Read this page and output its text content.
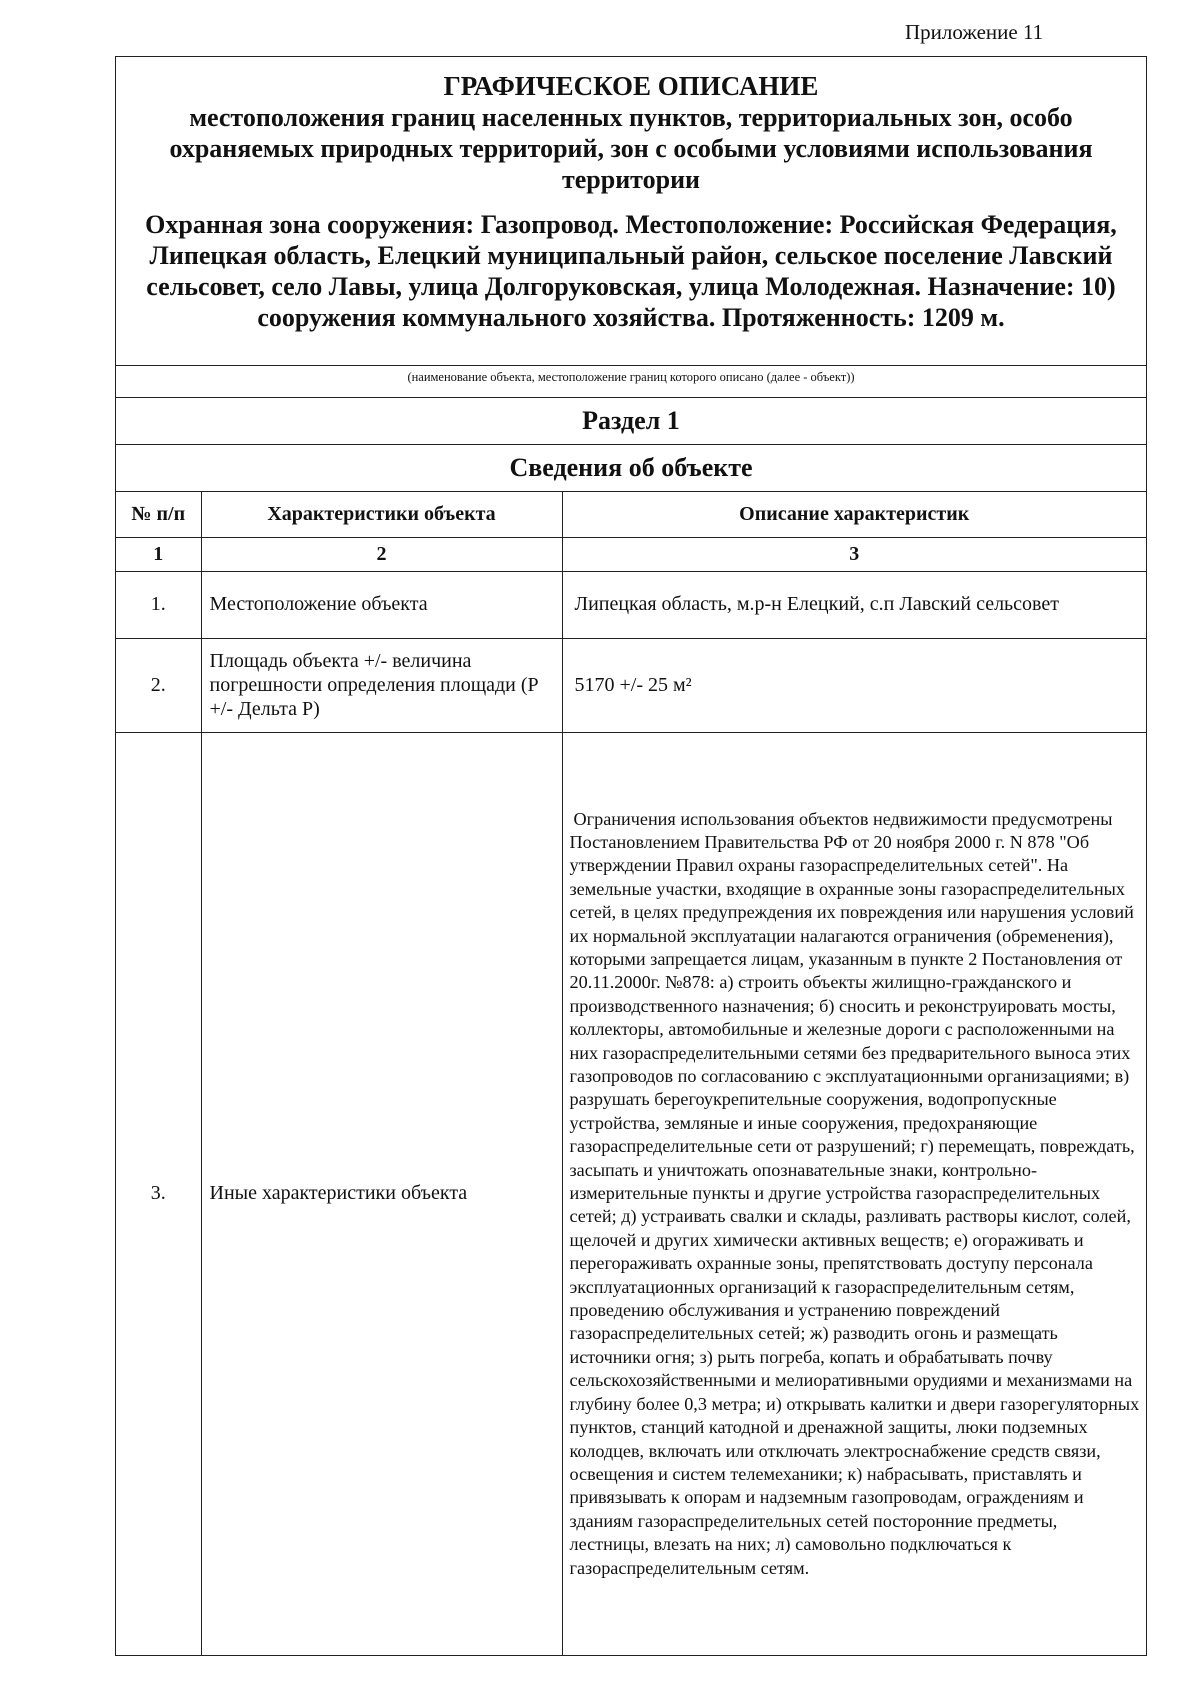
Приложение 11
ГРАФИЧЕСКОЕ ОПИСАНИЕ
местоположения границ населенных пунктов, территориальных зон, особо охраняемых природных территорий, зон с особыми условиями использования территории
Охранная зона сооружения: Газопровод. Местоположение: Российская Федерация, Липецкая область, Елецкий муниципальный район, сельское поселение Лавский сельсовет, село Лавы, улица Долгоруковская, улица Молодежная. Назначение: 10) сооружения коммунального хозяйства. Протяженность: 1209 м.
(наименование объекта, местоположение границ которого описано (далее - объект))
Раздел 1
Сведения об объекте
№ п/п	Характеристики объекта	Описание характеристик
1	2	3
1.	Местоположение объекта	Липецкая область, м.р-н Елецкий, с.п Лавский сельсовет
2.	Площадь объекта +/- величина погрешности определения площади (P +/- Дельта P)	5170 +/- 25 м²
3.	Иные характеристики объекта	Ограничения использования объектов недвижимости предусмотрены Постановлением Правительства РФ от 20 ноября 2000 г. N 878 "Об утверждении Правил охраны газораспределительных сетей". На земельные участки, входящие в охранные зоны газораспределительных сетей, в целях предупреждения их повреждения или нарушения условий их нормальной эксплуатации налагаются ограничения (обременения), которыми запрещается лицам, указанным в пункте 2 Постановления от 20.11.2000г. №878: а) строить объекты жилищно-гражданского и производственного назначения; б) сносить и реконструировать мосты, коллекторы, автомобильные и железные дороги с расположенными на них газораспределительными сетями без предварительного выноса этих газопроводов по согласованию с эксплуатационными организациями; в) разрушать берегоукрепительные сооружения, водопропускные устройства, земляные и иные сооружения, предохраняющие газораспределительные сети от разрушений; г) перемещать, повреждать, засыпать и уничтожать опознавательные знаки, контрольно-измерительные пункты и другие устройства газораспределительных сетей; д) устраивать свалки и склады, разливать растворы кислот, солей, щелочей и других химически активных веществ; е) огораживать и перегораживать охранные зоны, препятствовать доступу персонала эксплуатационных организаций к газораспределительным сетям, проведению обслуживания и устранению повреждений газораспределительных сетей; ж) разводить огонь и размещать источники огня; з) рыть погреба, копать и обрабатывать почву сельскохозяйственными и мелиоративными орудиями и механизмами на глубину более 0,3 метра; и) открывать калитки и двери газорегуляторных пунктов, станций катодной и дренажной защиты, люки подземных колодцев, включать или отключать электроснабжение средств связи, освещения и систем телемеханики; к) набрасывать, приставлять и привязывать к опорам и надземным газопроводам, ограждениям и зданиям газораспределительных сетей посторонние предметы, лестницы, влезать на них; л) самовольно подключаться к газораспределительным сетям.
